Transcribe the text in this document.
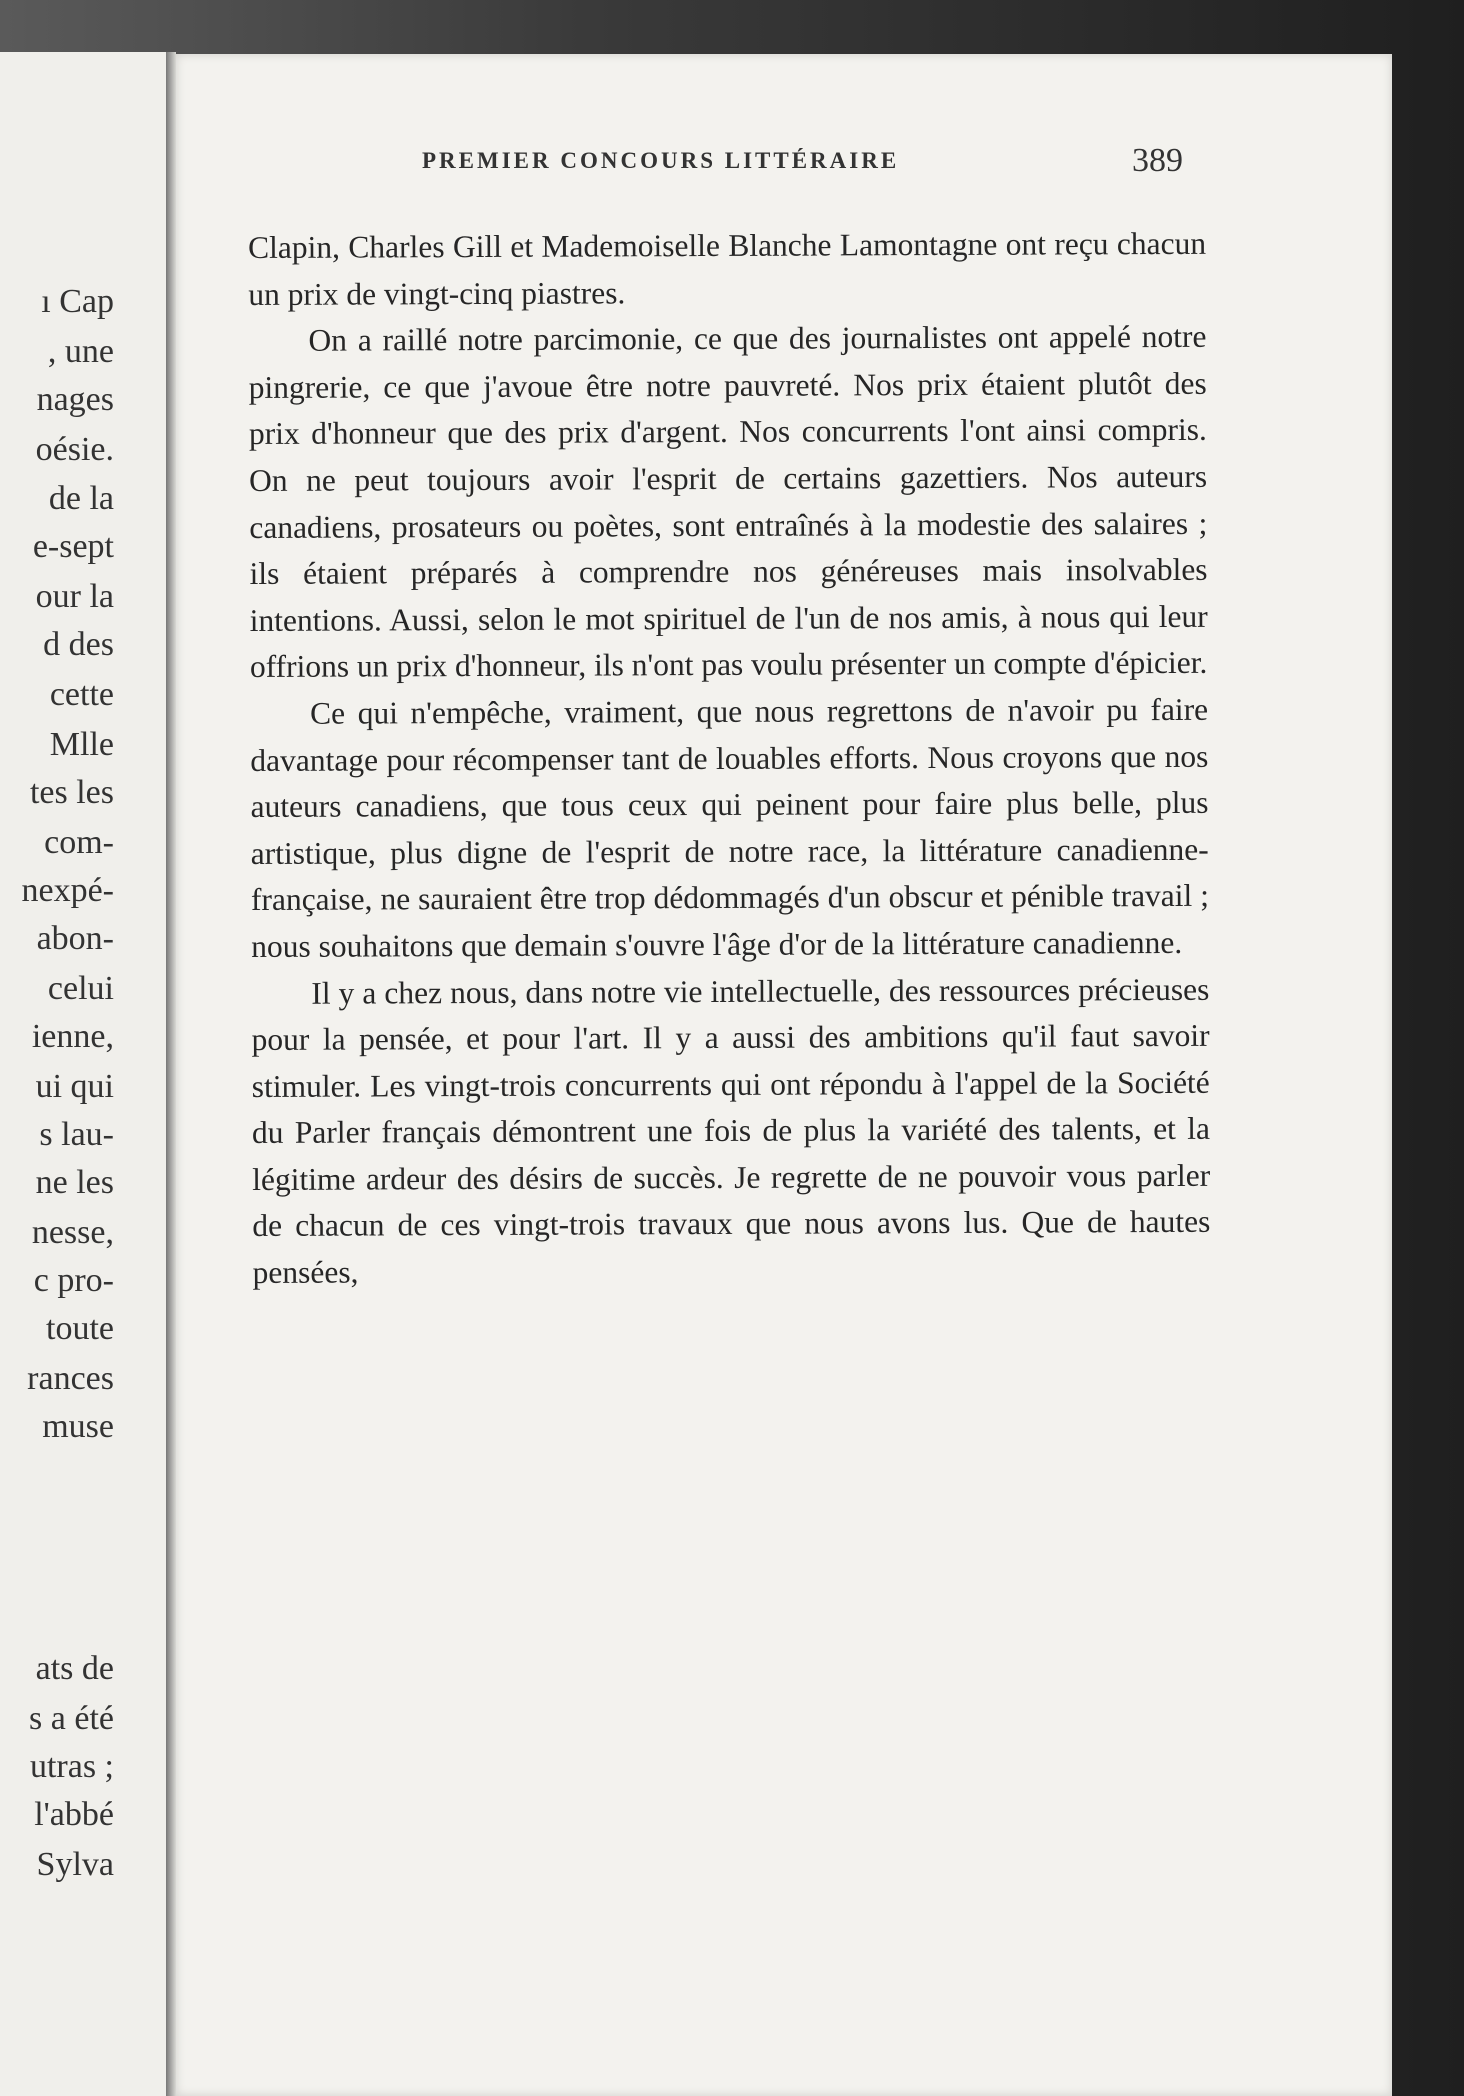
ı Cap

, une

nages

oésie.

de la

e-sept

our la

d des

cette

Mlle

tes les

com-

nexpé-

abon-

celui

ienne,

ui qui

s lau-

ne les

nesse,

c pro-

toute

rances

muse

ats de

s a été

utras ;

l'abbé

Sylva

PREMIER CONCOURS LITTÉRAIRE	389

Clapin, Charles Gill et Mademoiselle Blanche Lamontagne ont reçu chacun un prix de vingt-cinq piastres.

On a raillé notre parcimonie, ce que des journalistes ont appelé notre pingrerie, ce que j'avoue être notre pauvreté. Nos prix étaient plutôt des prix d'honneur que des prix d'argent. Nos concurrents l'ont ainsi compris. On ne peut toujours avoir l'esprit de certains gazettiers. Nos auteurs canadiens, prosateurs ou poètes, sont entraînés à la modestie des salaires ; ils étaient préparés à comprendre nos généreuses mais insolvables intentions. Aussi, selon le mot spirituel de l'un de nos amis, à nous qui leur offrions un prix d'honneur, ils n'ont pas voulu présenter un compte d'épicier.

Ce qui n'empêche, vraiment, que nous regrettons de n'avoir pu faire davantage pour récompenser tant de louables efforts. Nous croyons que nos auteurs canadiens, que tous ceux qui peinent pour faire plus belle, plus artistique, plus digne de l'esprit de notre race, la littérature canadienne-française, ne sauraient être trop dédommagés d'un obscur et pénible travail ; nous souhaitons que demain s'ouvre l'âge d'or de la littérature canadienne.

Il y a chez nous, dans notre vie intellectuelle, des ressources précieuses pour la pensée, et pour l'art. Il y a aussi des ambitions qu'il faut savoir stimuler. Les vingt-trois concurrents qui ont répondu à l'appel de la Société du Parler français démontrent une fois de plus la variété des talents, et la légitime ardeur des désirs de succès. Je regrette de ne pouvoir vous parler de chacun de ces vingt-trois travaux que nous avons lus. Que de hautes pensées,
